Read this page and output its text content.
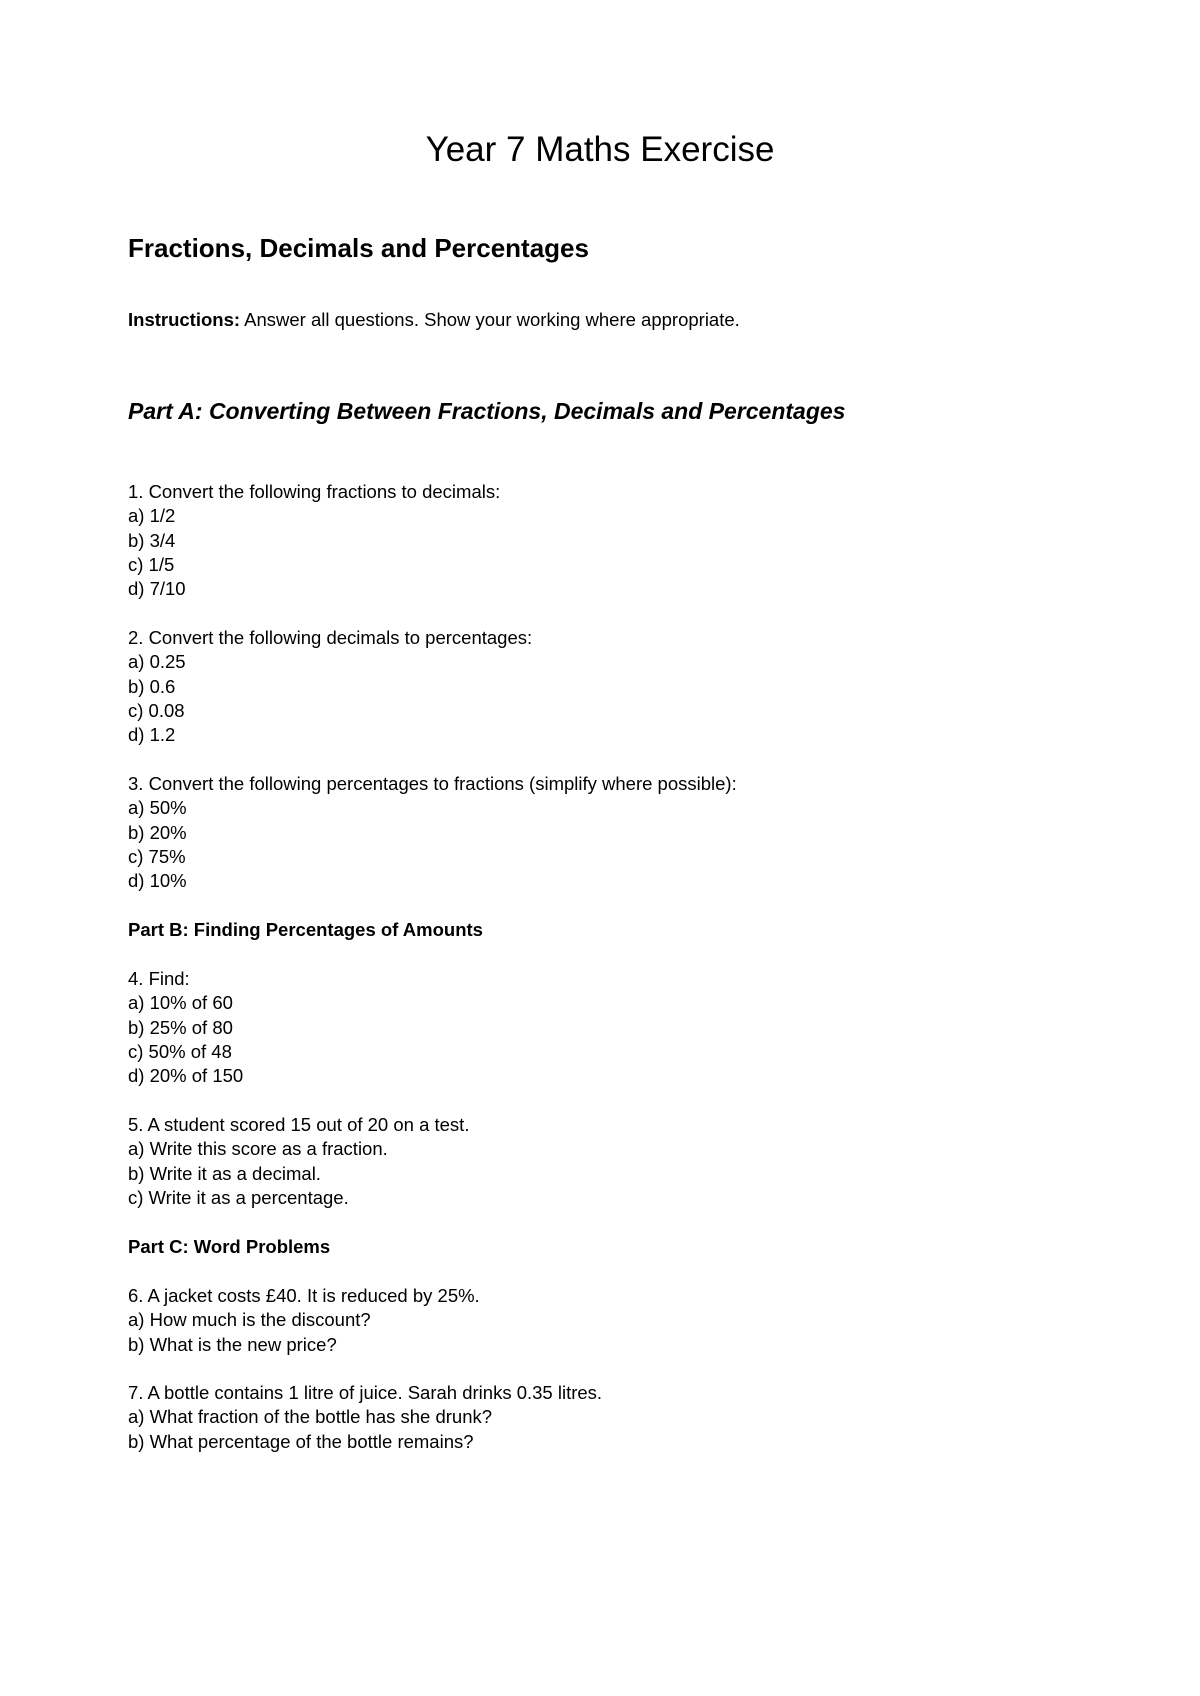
Year 7 Maths Exercise
Fractions, Decimals and Percentages

Instructions: Answer all questions. Show your working where appropriate.

Part A: Converting Between Fractions, Decimals and Percentages
1. Convert the following fractions to decimals:
a) 1/2
b) 3/4
c) 1/5
d) 7/10
2. Convert the following decimals to percentages:
a) 0.25
b) 0.6
c) 0.08
d) 1.2
3. Convert the following percentages to fractions (simplify where possible):
a) 50%
b) 20%
c) 75%
d) 10%
Part B: Finding Percentages of Amounts
4. Find:
a) 10% of 60
b) 25% of 80
c) 50% of 48
d) 20% of 150
5. A student scored 15 out of 20 on a test.
a) Write this score as a fraction.
b) Write it as a decimal.
c) Write it as a percentage.
Part C: Word Problems
6. A jacket costs £40. It is reduced by 25%.
a) How much is the discount?
b) What is the new price?
7. A bottle contains 1 litre of juice. Sarah drinks 0.35 litres.
a) What fraction of the bottle has she drunk?
b) What percentage of the bottle remains?
